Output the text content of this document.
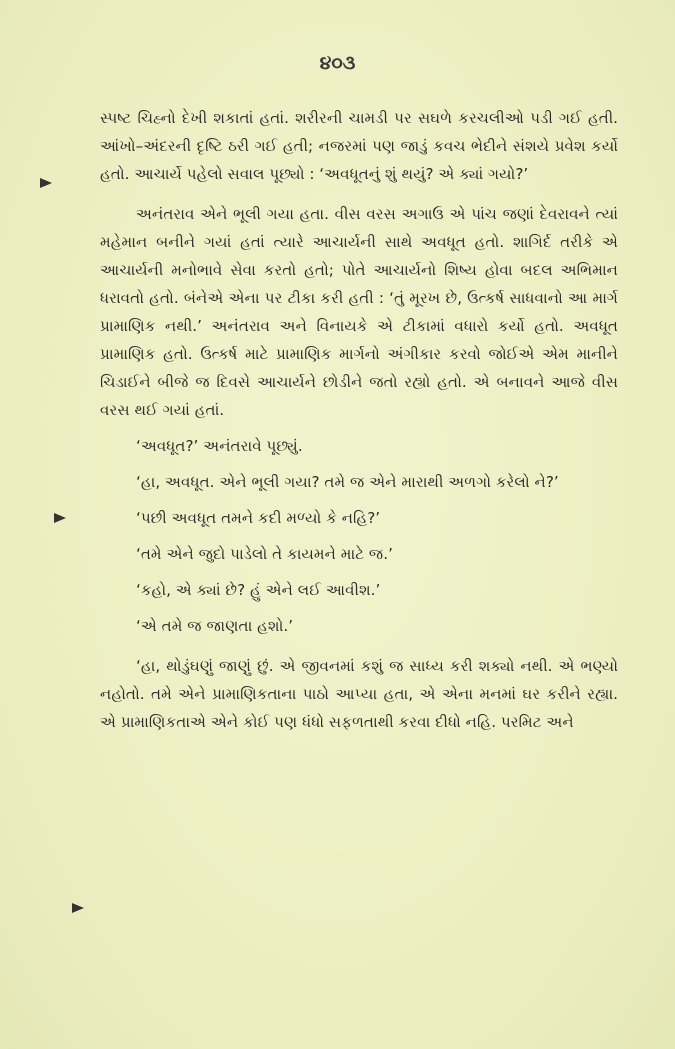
૪૦૩

સ્પષ્ટ ચિહ્નો દેખી શકાતાં હતાં. શરીરની ચામડી પર સઘળે કરચલીઓ પડી ગઈ હતી. આંખો–અંદરની દૃષ્ટિ ઠરી ગઈ હતી; નજરમાં પણ જાડું કવચ ભેદીને સંશયે પ્રવેશ કર્યો હતો. આચાર્યે પહેલો સવાલ પૂછ્યો : ‘અવધૂતનું શું થયું? એ ક્યાં ગયો?’

અનંતરાવ એને ભૂલી ગયા હતા. વીસ વરસ અગાઉ એ પાંચ જણાં દેવરાવને ત્યાં મહેમાન બનીને ગયાં હતાં ત્યારે આચાર્યની સાથે અવધૂત હતો. શાગિર્દ તરીકે એ આચાર્યની મનોભાવે સેવા કરતો હતો; પોતે આચાર્યનો શિષ્ય હોવા બદલ અભિમાન ધરાવતો હતો. બંનેએ એના પર ટીકા કરી હતી : ‘તું મૂરખ છે, ઉત્કર્ષ સાધવાનો આ માર્ગ પ્રામાણિક નથી.’ અનંતરાવ અને વિનાયકે એ ટીકામાં વધારો કર્યો હતો. અવધૂત પ્રામાણિક હતો. ઉત્કર્ષ માટે પ્રામાણિક માર્ગનો અંગીકાર કરવો જોઈએ એમ માનીને ચિડાઈને બીજે જ દિવસે આચાર્યને છોડીને જતો રહ્યો હતો. એ બનાવને આજે વીસ વરસ થઈ ગયાં હતાં.

‘અવધૂત?’ અનંતરાવે પૂછ્યું.

‘હા, અવધૂત. એને ભૂલી ગયા? તમે જ એને મારાથી અળગો કરેલો ને?’

‘પછી અવધૂત તમને કદી મળ્યો કે નહિ?’

‘તમે એને જુદો પાડેલો તે કાયમને માટે જ.’

‘કહો, એ ક્યાં છે? હું એને લઈ આવીશ.’

‘એ તમે જ જાણતા હશો.’

‘હા, થોડુંઘણું જાણું છું. એ જીવનમાં કશું જ સાધ્ય કરી શક્યો નથી. એ ભણ્યો નહોતો. તમે એને પ્રામાણિકતાના પાઠો આપ્યા હતા, એ એના મનમાં ઘર કરીને રહ્યા. એ પ્રામાણિકતાએ એને કોઈ પણ ધંધો સફળતાથી કરવા દીધો નહિ. પરમિટ અને
